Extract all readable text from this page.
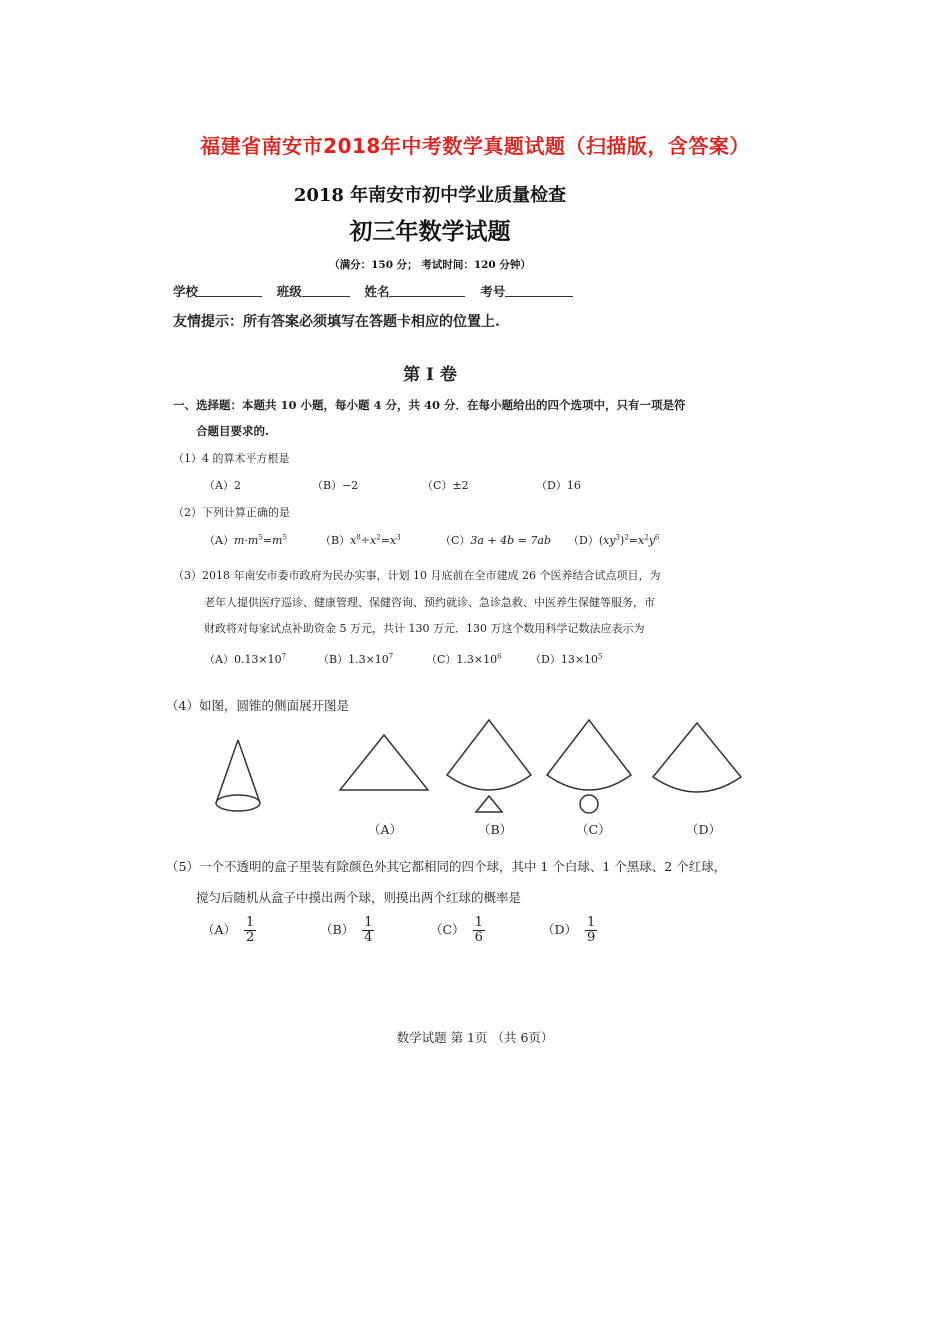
福建省南安市2018年中考数学真题试题（扫描版，含答案）
2018 年南安市初中学业质量检查
初三年数学试题
（满分：150 分； 考试时间：120 分钟）
学校	班级	姓名	考号
友情提示：所有答案必须填写在答题卡相应的位置上.
第 Ⅰ 卷
一、选择题：本题共 10 小题，每小题 4 分，共 40 分．在每小题给出的四个选项中，只有一项是符
合题目要求的.
（1）4 的算术平方根是
（A）2	（B）−2	（C）±2	（D）16
（2）下列计算正确的是
$(A)m\cdot m^5=m^5$	$(B)x^8\div x^2=x^3$	（C）3a + 4b = 7ab $(D)(xy^3)^2=x^2y^6$
（3）2018 年南安市委市政府为民办实事，计划 10 月底前在全市建成 26 个医养结合试点项目，为
老年人提供医疗巡诊、健康管理、保健咨询、预约就诊、急诊急救、中医养生保健等服务，市
财政将对每家试点补助资金 5 万元，共计 130 万元．130 万这个数用科学记数法应表示为
$(A)0.13\times 10^7$	$(B)1.3\times 10^7$	$(C)1.3\times 10^6$	$(D)13\times 10^5$
（4）如图，圆锥的侧面展开图是
（A）	（B）	（C）	（D）
（5）一个不透明的盒子里装有除颜色外其它都相同的四个球，其中 1 个白球、1 个黑球、2 个红球，
搅匀后随机从盒子中摸出两个球，则摸出两个红球的概率是
$(A) \frac{1}{2}$	$(B) \frac{1}{4}$	$(C) \frac{1}{6}$	$(D) \frac{1}{9}$
数学试题 第 1页 （共 6页）
